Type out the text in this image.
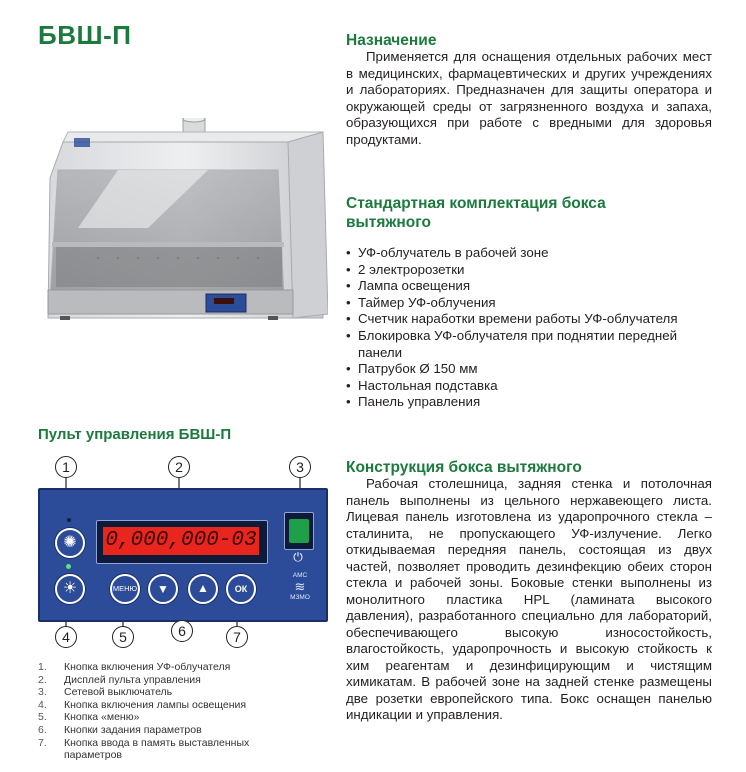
БВШ-П	Назначение
Применяется для оснащения отдельных рабочих мест в медицинских, фармацевтических и других учреждениях и лабораториях. Предназначен для защиты оператора и окружающей среды от загрязненного воздуха и запаха, образующихся при работе с вредными для здоровья продуктами.
Стандартная комплектация бокса
вытяжного
• УФ-облучатель в рабочей зоне
• 2 электророзетки
• Лампа освещения
• Таймер УФ-облучения
• Счетчик наработки времени работы УФ-облучателя
• Блокировка УФ-облучателя при поднятии передней панели
• Патрубок Ø 150 мм
• Настольная подставка
• Панель управления
Пульт управления БВШ-П
1	2	3
0,000,000-03
⏻
✺
☀	МЕНЮ	▼	▲	ОК
АМС
≋
МЗМО
4	5	6	7
1.	Кнопка включения УФ-облучателя
2.	Дисплей пульта управления
3.	Сетевой выключатель
4.	Кнопка включения лампы освещения
5.	Кнопка «меню»
6.	Кнопки задания параметров
7.	Кнопка ввода в память выставленных параметров
Конструкция бокса вытяжного
Рабочая столешница, задняя стенка и потолочная панель выполнены из цельного нержавеющего листа. Лицевая панель изготовлена из ударопрочного стекла – сталинита, не пропускающего УФ-излучение. Легко откидываемая передняя панель, состоящая из двух частей, позволяет проводить дезинфекцию обеих сторон стекла и рабочей зоны. Боковые стенки выполнены из монолитного пластика HPL (ламината высокого давления), разработанного специально для лабораторий, обеспечивающего высокую износостойкость, влагостойкость, ударопрочность и высокую стойкость к хим реагентам и дезинфицирующим и чистящим химикатам. В рабочей зоне на задней стенке размещены две розетки европейского типа. Бокс оснащен панелью индикации и управления.
